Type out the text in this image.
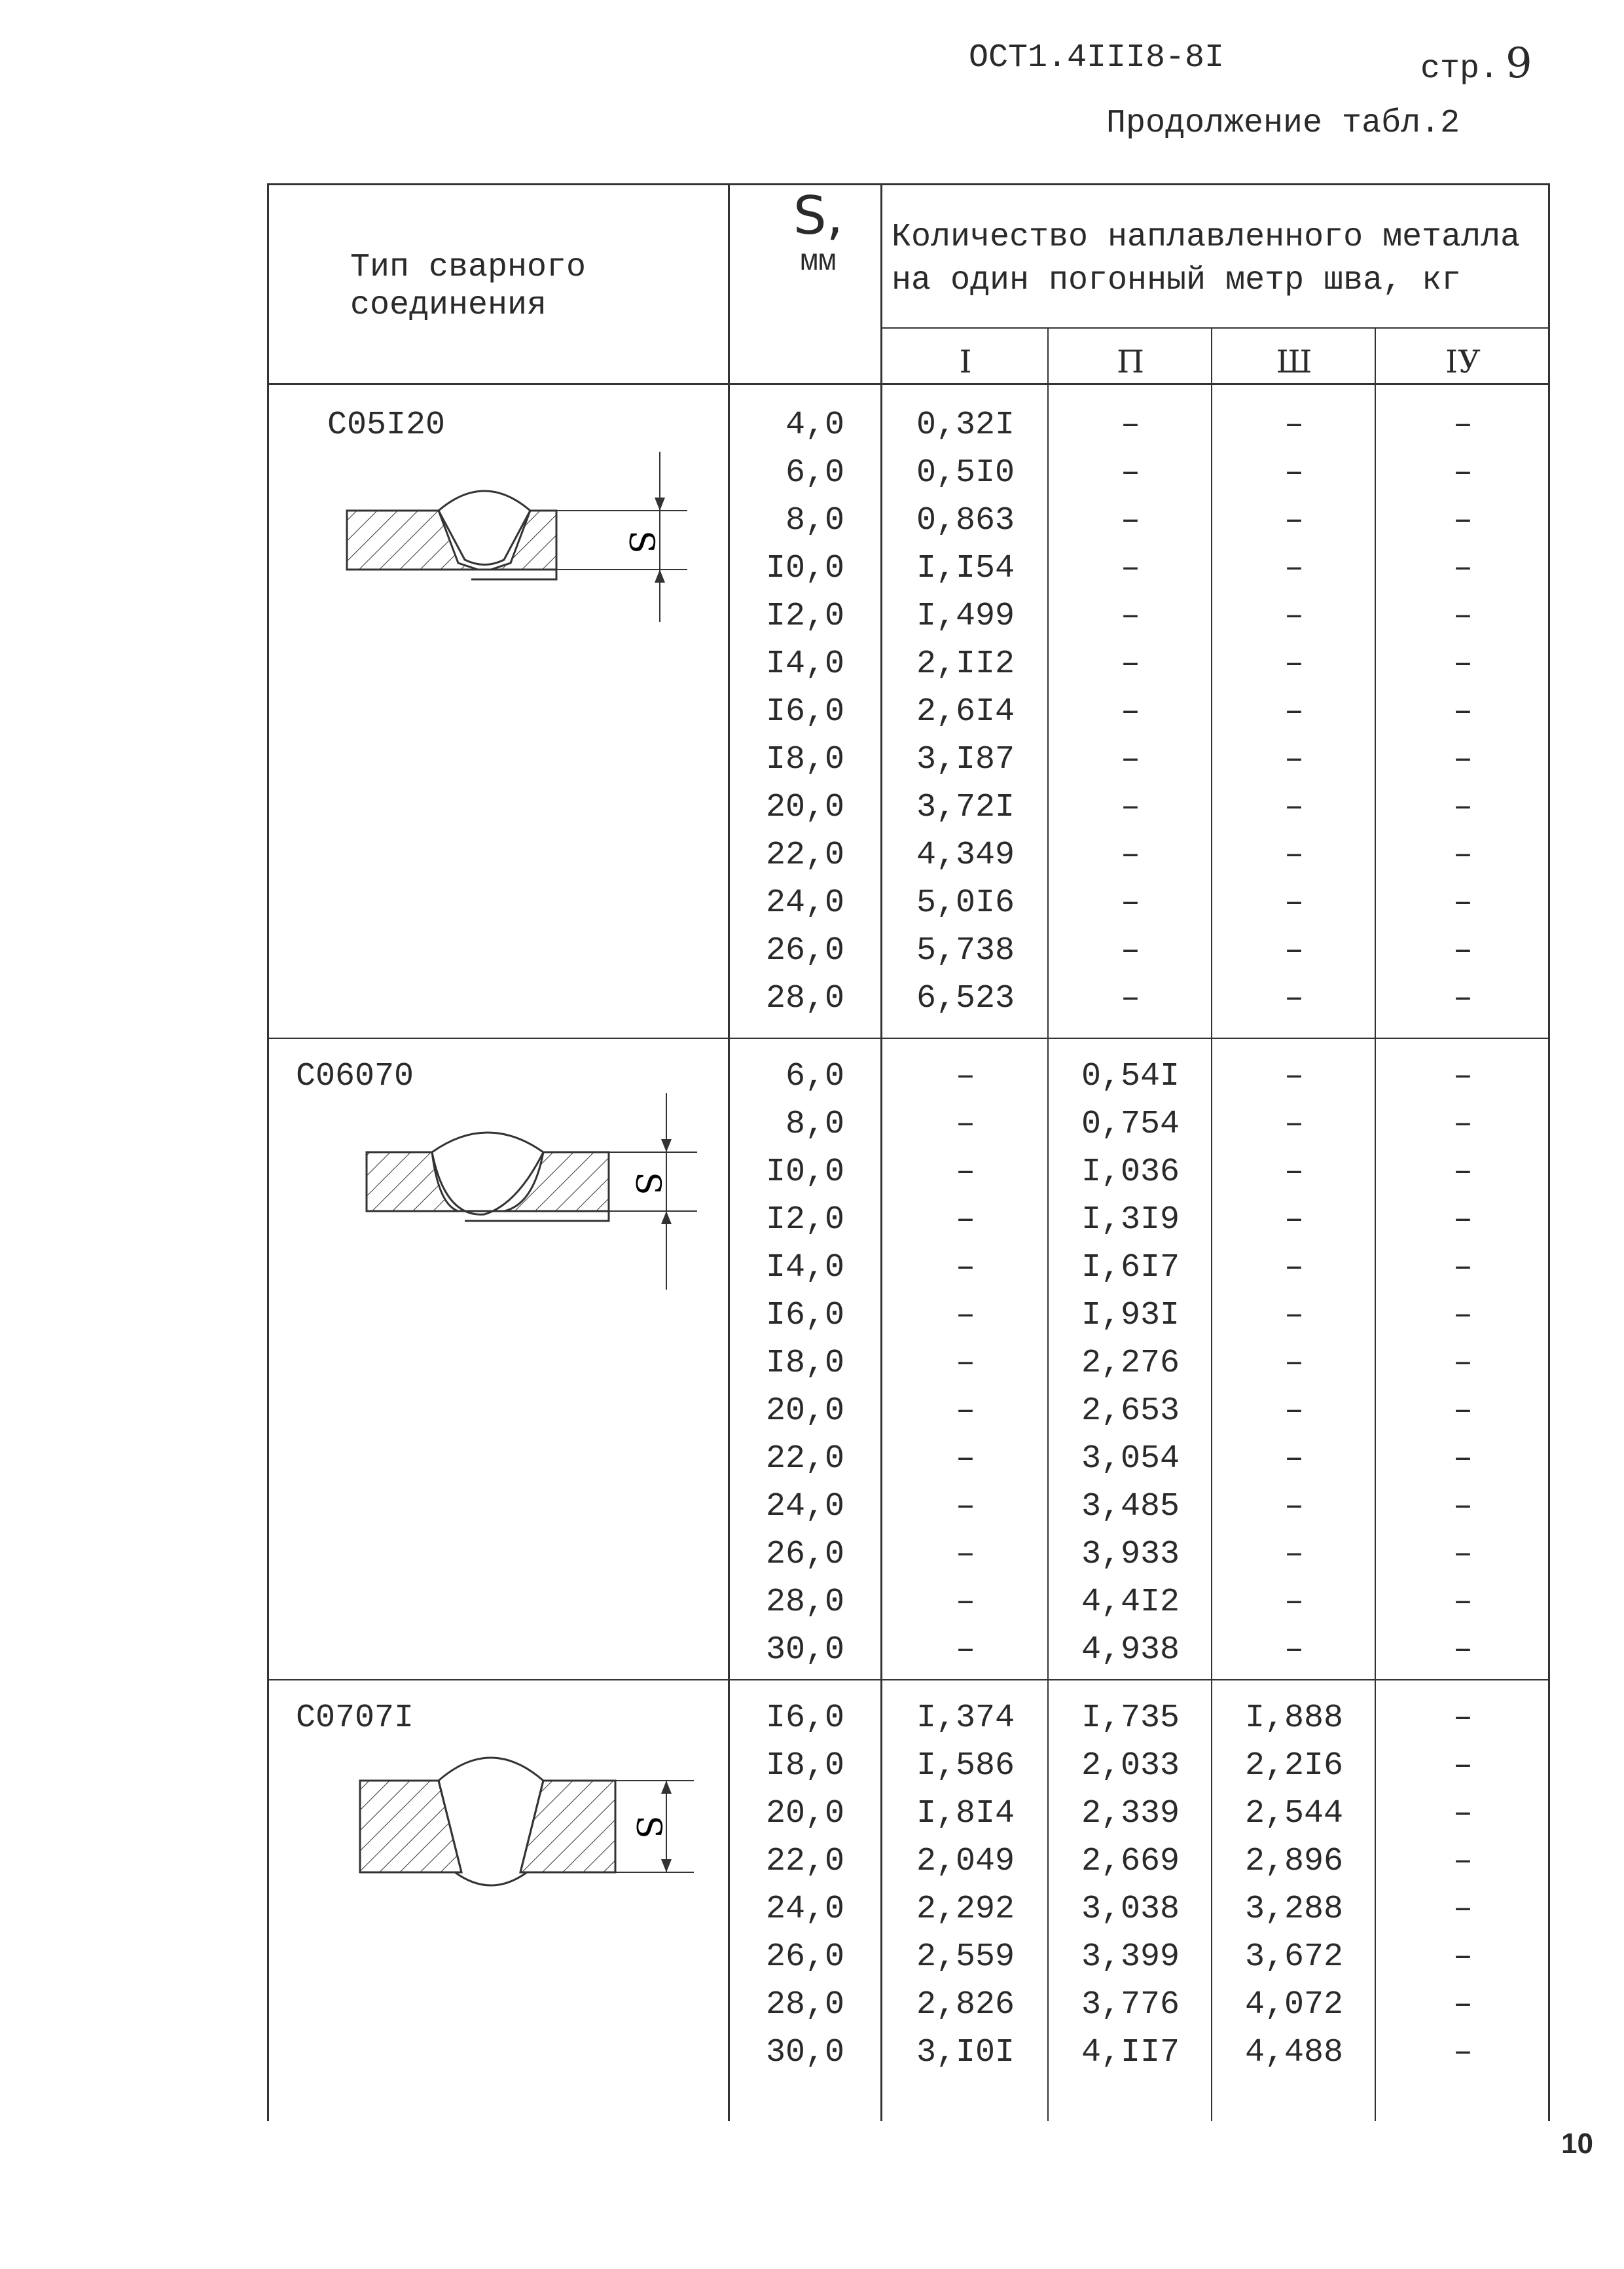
ОСТ1.4III8-8I	стр. 9
Продолжение табл.2
Тип сварного
соединения
S,
мм
Количество наплавленного металла
на один погонный метр шва, кг
I	П	Ш	IУ
C05I20
C06070
C0707I
S
S
S
4,0	0,32I	–	–	–
6,0	0,5I0	–	–	–
8,0	0,863	–	–	–
I0,0	I,I54	–	–	–
I2,0	I,499	–	–	–
I4,0	2,II2	–	–	–
I6,0	2,6I4	–	–	–
I8,0	3,I87	–	–	–
20,0	3,72I	–	–	–
22,0	4,349	–	–	–
24,0	5,0I6	–	–	–
26,0	5,738	–	–	–
28,0	6,523	–	–	–
6,0	–	0,54I	–	–
8,0	–	0,754	–	–
I0,0	–	I,036	–	–
I2,0	–	I,3I9	–	–
I4,0	–	I,6I7	–	–
I6,0	–	I,93I	–	–
I8,0	–	2,276	–	–
20,0	–	2,653	–	–
22,0	–	3,054	–	–
24,0	–	3,485	–	–
26,0	–	3,933	–	–
28,0	–	4,4I2	–	–
30,0	–	4,938	–	–
I6,0	I,374	I,735	I,888	–
I8,0	I,586	2,033	2,2I6	–
20,0	I,8I4	2,339	2,544	–
22,0	2,049	2,669	2,896	–
24,0	2,292	3,038	3,288	–
26,0	2,559	3,399	3,672	–
28,0	2,826	3,776	4,072	–
30,0	3,I0I	4,II7	4,488	–
10
